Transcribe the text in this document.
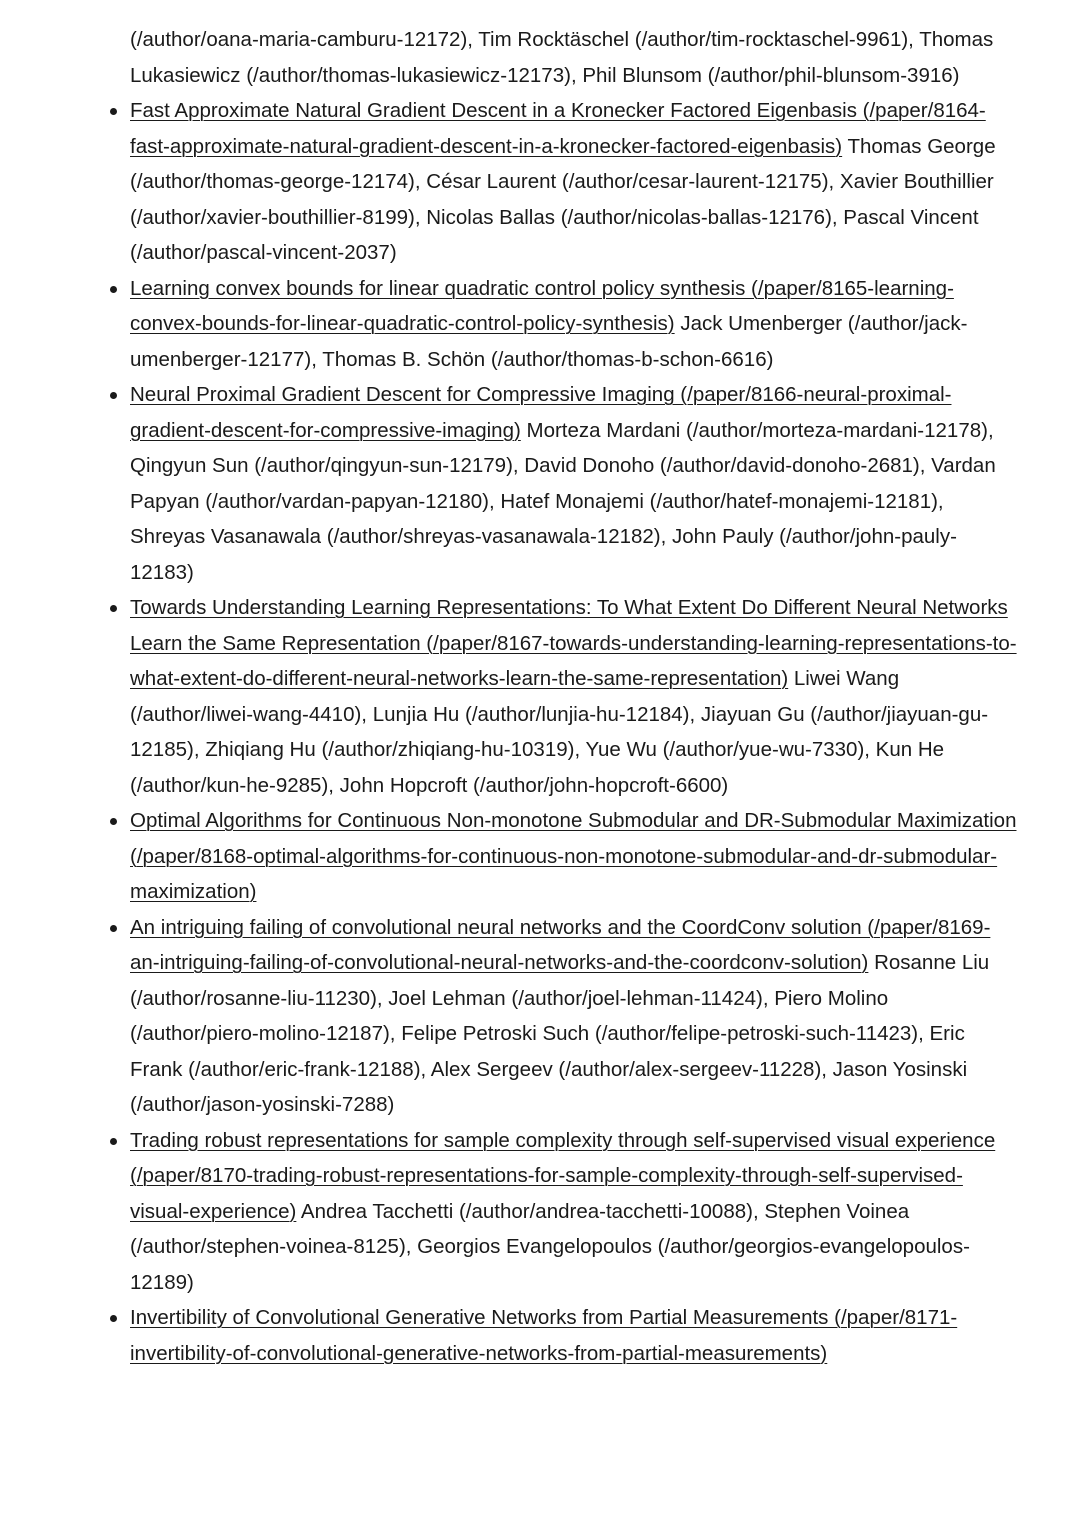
(/author/oana-maria-camburu-12172), Tim Rocktäschel (/author/tim-rocktaschel-9961), Thomas Lukasiewicz (/author/thomas-lukasiewicz-12173), Phil Blunsom (/author/phil-blunsom-3916)

Fast Approximate Natural Gradient Descent in a Kronecker Factored Eigenbasis (/paper/8164-fast-approximate-natural-gradient-descent-in-a-kronecker-factored-eigenbasis) Thomas George (/author/thomas-george-12174), César Laurent (/author/cesar-laurent-12175), Xavier Bouthillier (/author/xavier-bouthillier-8199), Nicolas Ballas (/author/nicolas-ballas-12176), Pascal Vincent (/author/pascal-vincent-2037)
Learning convex bounds for linear quadratic control policy synthesis (/paper/8165-learning-convex-bounds-for-linear-quadratic-control-policy-synthesis) Jack Umenberger (/author/jack-umenberger-12177), Thomas B. Schön (/author/thomas-b-schon-6616)
Neural Proximal Gradient Descent for Compressive Imaging (/paper/8166-neural-proximal-gradient-descent-for-compressive-imaging) Morteza Mardani (/author/morteza-mardani-12178), Qingyun Sun (/author/qingyun-sun-12179), David Donoho (/author/david-donoho-2681), Vardan Papyan (/author/vardan-papyan-12180), Hatef Monajemi (/author/hatef-monajemi-12181), Shreyas Vasanawala (/author/shreyas-vasanawala-12182), John Pauly (/author/john-pauly-12183)
Towards Understanding Learning Representations: To What Extent Do Different Neural Networks Learn the Same Representation (/paper/8167-towards-understanding-learning-representations-to-what-extent-do-different-neural-networks-learn-the-same-representation) Liwei Wang (/author/liwei-wang-4410), Lunjia Hu (/author/lunjia-hu-12184), Jiayuan Gu (/author/jiayuan-gu-12185), Zhiqiang Hu (/author/zhiqiang-hu-10319), Yue Wu (/author/yue-wu-7330), Kun He (/author/kun-he-9285), John Hopcroft (/author/john-hopcroft-6600)
Optimal Algorithms for Continuous Non-monotone Submodular and DR-Submodular Maximization (/paper/8168-optimal-algorithms-for-continuous-non-monotone-submodular-and-dr-submodular-maximization)
An intriguing failing of convolutional neural networks and the CoordConv solution (/paper/8169-an-intriguing-failing-of-convolutional-neural-networks-and-the-coordconv-solution) Rosanne Liu (/author/rosanne-liu-11230), Joel Lehman (/author/joel-lehman-11424), Piero Molino (/author/piero-molino-12187), Felipe Petroski Such (/author/felipe-petroski-such-11423), Eric Frank (/author/eric-frank-12188), Alex Sergeev (/author/alex-sergeev-11228), Jason Yosinski (/author/jason-yosinski-7288)
Trading robust representations for sample complexity through self-supervised visual experience (/paper/8170-trading-robust-representations-for-sample-complexity-through-self-supervised-visual-experience) Andrea Tacchetti (/author/andrea-tacchetti-10088), Stephen Voinea (/author/stephen-voinea-8125), Georgios Evangelopoulos (/author/georgios-evangelopoulos-12189)
Invertibility of Convolutional Generative Networks from Partial Measurements (/paper/8171-invertibility-of-convolutional-generative-networks-from-partial-measurements)
